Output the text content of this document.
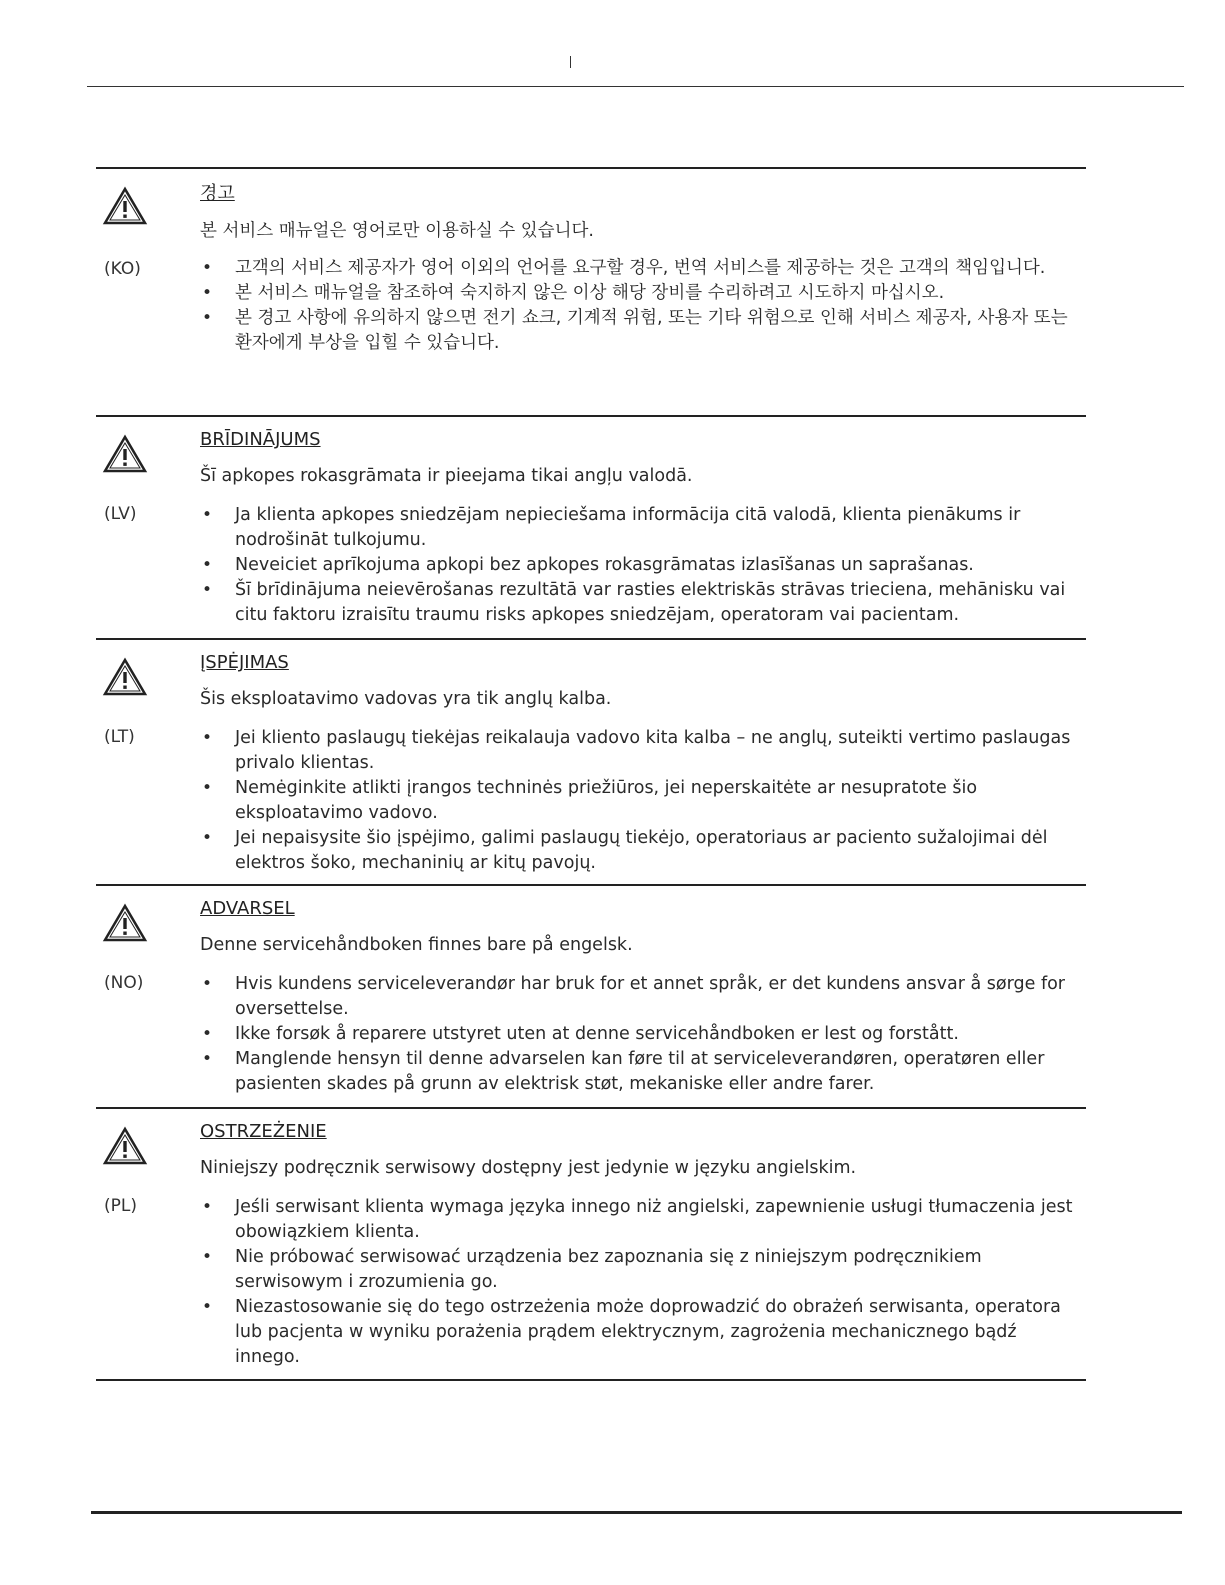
(KO)
경고
본 서비스 매뉴얼은 영어로만 이용하실 수 있습니다.
• 고객의 서비스 제공자가 영어 이외의 언어를 요구할 경우, 번역 서비스를 제공하는 것은 고객의 책임입니다.
• 본 서비스 매뉴얼을 참조하여 숙지하지 않은 이상 해당 장비를 수리하려고 시도하지 마십시오.
• 본 경고 사항에 유의하지 않으면 전기 쇼크, 기계적 위험, 또는 기타 위험으로 인해 서비스 제공자, 사용자 또는 환자에게 부상을 입힐 수 있습니다.
(LV)
BRĪDINĀJUMS
Šī apkopes rokasgrāmata ir pieejama tikai angļu valodā.
• Ja klienta apkopes sniedzējam nepieciešama informācija citā valodā, klienta pienākums ir nodrošināt tulkojumu.
• Neveiciet aprīkojuma apkopi bez apkopes rokasgrāmatas izlasīšanas un saprašanas.
• Šī brīdinājuma neievērošanas rezultātā var rasties elektriskās strāvas trieciena, mehānisku vai citu faktoru izraisītu traumu risks apkopes sniedzējam, operatoram vai pacientam.
(LT)
ĮSPĖJIMAS
Šis eksploatavimo vadovas yra tik anglų kalba.
• Jei kliento paslaugų tiekėjas reikalauja vadovo kita kalba – ne anglų, suteikti vertimo paslaugas privalo klientas.
• Nemėginkite atlikti įrangos techninės priežiūros, jei neperskaitėte ar nesupratote šio eksploatavimo vadovo.
• Jei nepaisysite šio įspėjimo, galimi paslaugų tiekėjo, operatoriaus ar paciento sužalojimai dėl elektros šoko, mechaninių ar kitų pavojų.
(NO)
ADVARSEL
Denne servicehåndboken finnes bare på engelsk.
• Hvis kundens serviceleverandør har bruk for et annet språk, er det kundens ansvar å sørge for oversettelse.
• Ikke forsøk å reparere utstyret uten at denne servicehåndboken er lest og forstått.
• Manglende hensyn til denne advarselen kan føre til at serviceleverandøren, operatøren eller pasienten skades på grunn av elektrisk støt, mekaniske eller andre farer.
(PL)
OSTRZEŻENIE
Niniejszy podręcznik serwisowy dostępny jest jedynie w języku angielskim.
• Jeśli serwisant klienta wymaga języka innego niż angielski, zapewnienie usługi tłumaczenia jest obowiązkiem klienta.
• Nie próbować serwisować urządzenia bez zapoznania się z niniejszym podręcznikiem serwisowym i zrozumienia go.
• Niezastosowanie się do tego ostrzeżenia może doprowadzić do obrażeń serwisanta, operatora lub pacjenta w wyniku porażenia prądem elektrycznym, zagrożenia mechanicznego bądź innego.
